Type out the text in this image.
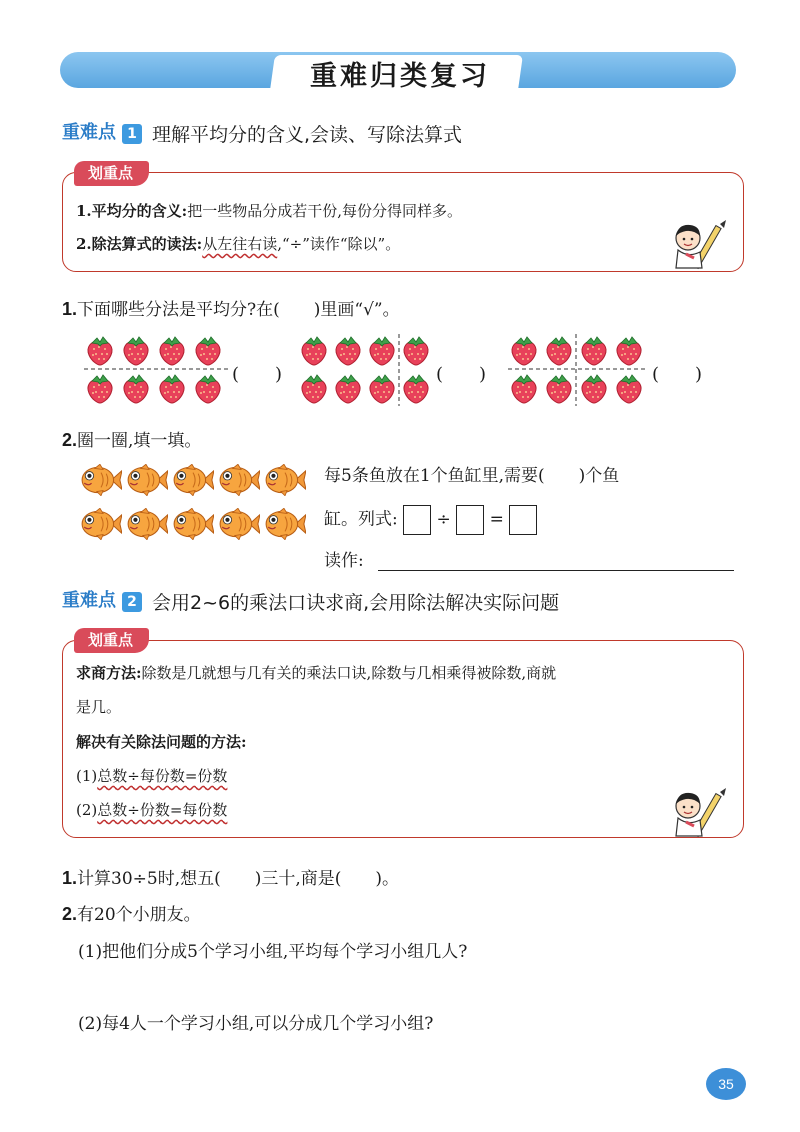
重难归类复习
重难点 1 理解平均分的含义,会读、写除法算式
划重点
1.平均分的含义:把一些物品分成若干份,每份分得同样多。
2.除法算式的读法:从左往右读,“÷”读作“除以”。
1.下面哪些分法是平均分?在(　　)里画“√”。
(　　)	(　　)	(　　)
2.圈一圈,填一填。
每5条鱼放在1个鱼缸里,需要(　　)个鱼
缸。列式: ÷ =
读作:
重难点 2 会用2~6的乘法口诀求商,会用除法解决实际问题
划重点
求商方法:除数是几就想与几有关的乘法口诀,除数与几相乘得被除数,商就
是几。
解决有关除法问题的方法:
(1)总数÷每份数=份数
(2)总数÷份数=每份数
1.计算30÷5时,想五(　　)三十,商是(　　)。
2.有20个小朋友。
(1)把他们分成5个学习小组,平均每个学习小组几人?
(2)每4人一个学习小组,可以分成几个学习小组?
35
